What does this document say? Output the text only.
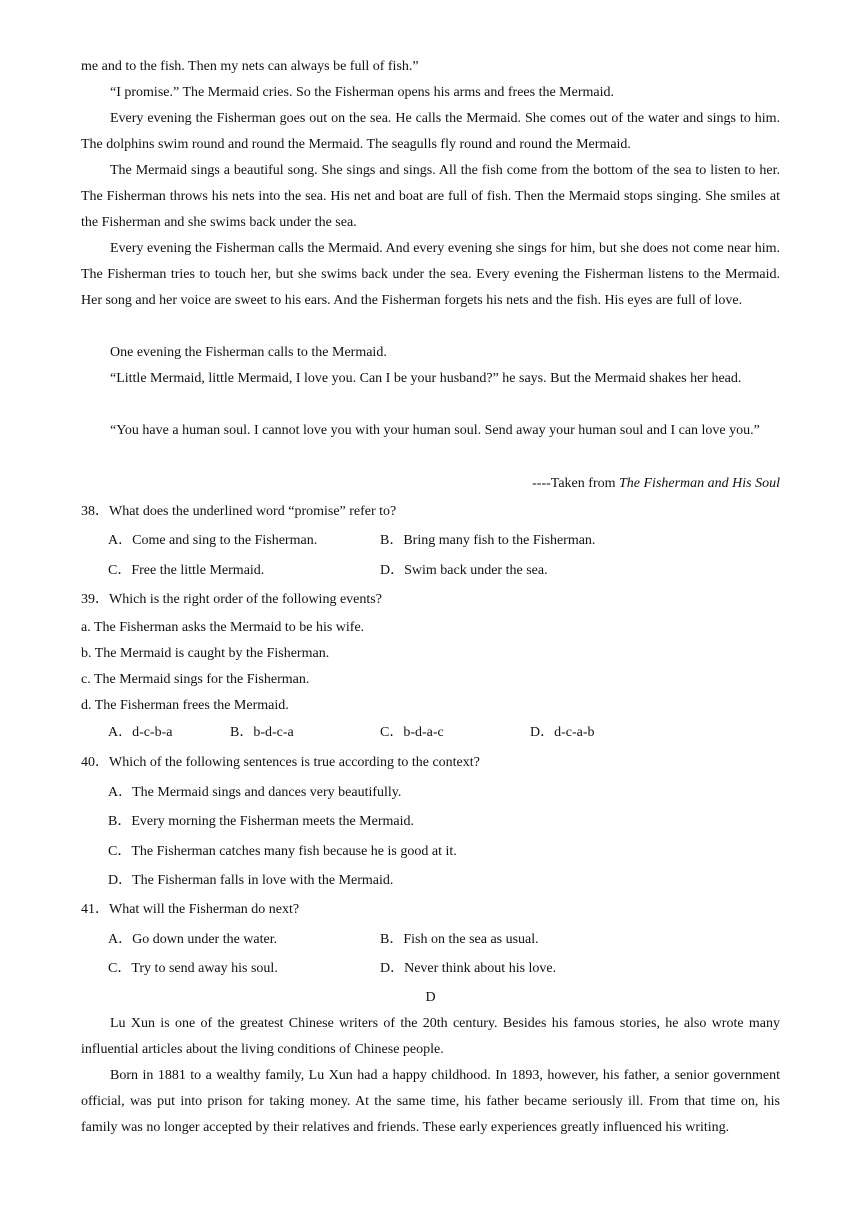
me and to the fish. Then my nets can always be full of fish.”

“I promise.” The Mermaid cries. So the Fisherman opens his arms and frees the Mermaid.

Every evening the Fisherman goes out on the sea. He calls the Mermaid. She comes out of the water and sings to him. The dolphins swim round and round the Mermaid. The seagulls fly round and round the Mermaid.

The Mermaid sings a beautiful song. She sings and sings. All the fish come from the bottom of the sea to listen to her. The Fisherman throws his nets into the sea. His net and boat are full of fish. Then the Mermaid stops singing. She smiles at the Fisherman and she swims back under the sea.

Every evening the Fisherman calls the Mermaid. And every evening she sings for him, but she does not come near him. The Fisherman tries to touch her, but she swims back under the sea. Every evening the Fisherman listens to the Mermaid. Her song and her voice are sweet to his ears. And the Fisherman forgets his nets and the fish. His eyes are full of love.

One evening the Fisherman calls to the Mermaid.

“Little Mermaid, little Mermaid, I love you. Can I be your husband?” he says. But the Mermaid shakes her head.

“You have a human soul. I cannot love you with your human soul. Send away your human soul and I can love you.”

----Taken from The Fisherman and His Soul

38．What does the underlined word “promise” refer to?
A．Come and sing to the Fisherman.	B．Bring many fish to the Fisherman.
C．Free the little Mermaid.	D．Swim back under the sea.
39．Which is the right order of the following events?
a. The Fisherman asks the Mermaid to be his wife.
b. The Mermaid is caught by the Fisherman.
c. The Mermaid sings for the Fisherman.
d. The Fisherman frees the Mermaid.
A．d-c-b-a	B．b-d-c-a	C．b-d-a-c	D．d-c-a-b
40．Which of the following sentences is true according to the context?
A．The Mermaid sings and dances very beautifully.
B．Every morning the Fisherman meets the Mermaid.
C．The Fisherman catches many fish because he is good at it.
D．The Fisherman falls in love with the Mermaid.
41．What will the Fisherman do next?
A．Go down under the water.	B．Fish on the sea as usual.
C．Try to send away his soul.	D．Never think about his love.
D

Lu Xun is one of the greatest Chinese writers of the 20th century. Besides his famous stories, he also wrote many influential articles about the living conditions of Chinese people.

Born in 1881 to a wealthy family, Lu Xun had a happy childhood. In 1893, however, his father, a senior government official, was put into prison for taking money. At the same time, his father became seriously ill. From that time on, his family was no longer accepted by their relatives and friends. These early experiences greatly influenced his writing.
